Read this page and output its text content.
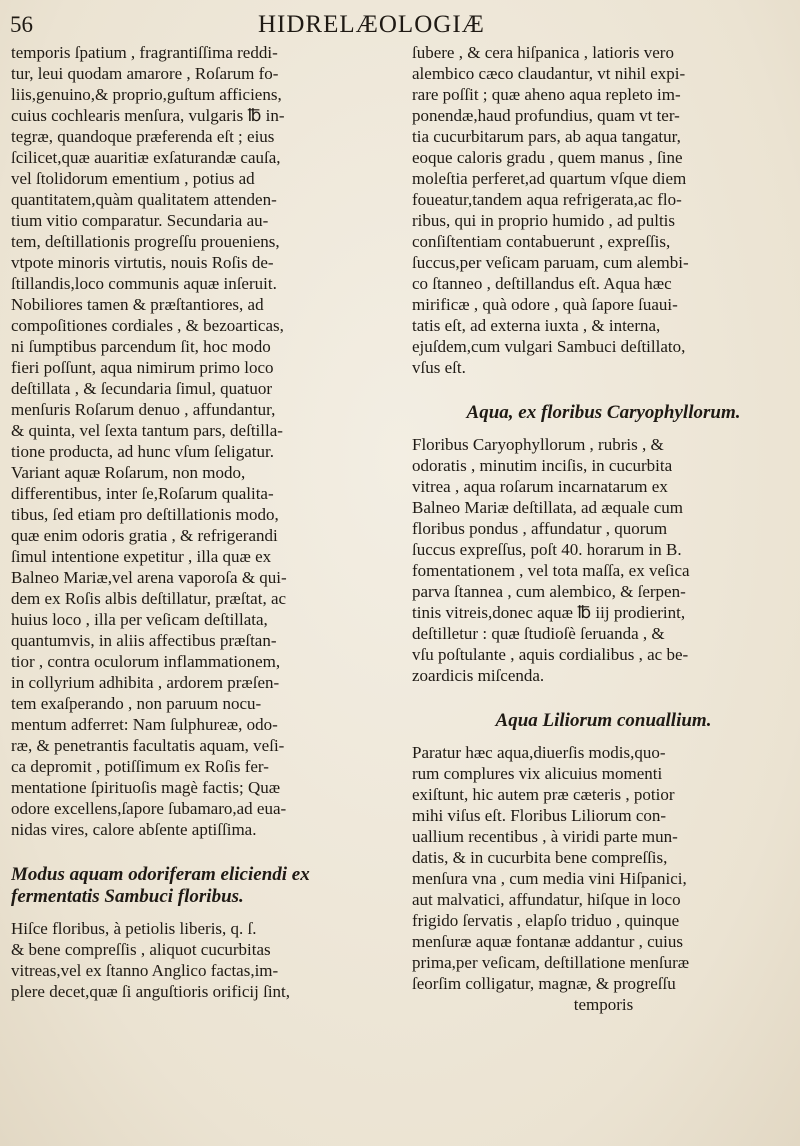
56	HIDRELÆOLOGIÆ
temporis ſpatium , fragrantiſſima reddi-
tur, leui quodam amarore , Roſarum fo-
liis,genuino,& proprio,guſtum afficiens,
cuius cochlearis menſura, vulgaris ℔ in-
tegræ, quandoque præferenda eſt ; eius
ſcilicet,quæ auaritiæ exſaturandæ cauſa,
vel ſtolidorum ementium , potius ad
quantitatem,quàm qualitatem attenden-
tium vitio comparatur. Secundaria au-
tem, deſtillationis progreſſu proueniens,
vtpote minoris virtutis, nouis Roſis de-
ſtillandis,loco communis aquæ inſeruit.
Nobiliores tamen & præſtantiores, ad
compoſitiones cordiales , & bezoarticas,
ni ſumptibus parcendum ſit, hoc modo
fieri poſſunt, aqua nimirum primo loco
deſtillata , & ſecundaria ſimul, quatuor
menſuris Roſarum denuo , affundantur,
& quinta, vel ſexta tantum pars, deſtilla-
tione producta, ad hunc vſum ſeligatur.
Variant aquæ Roſarum, non modo,
differentibus, inter ſe,Roſarum qualita-
tibus, ſed etiam pro deſtillationis modo,
quæ enim odoris gratia , & refrigerandi
ſimul intentione expetitur , illa quæ ex
Balneo Mariæ,vel arena vaporoſa & qui-
dem ex Roſis albis deſtillatur, præſtat, ac
huius loco , illa per veſicam deſtillata,
quantumvis, in aliis affectibus præſtan-
tior , contra oculorum inflammationem,
in collyrium adhibita , ardorem præſen-
tem exaſperando , non paruum nocu-
mentum adferret: Nam ſulphureæ, odo-
ræ, & penetrantis facultatis aquam, veſi-
ca depromit , potiſſimum ex Roſis fer-
mentatione ſpirituoſis magè factis; Quæ
odore excellens,ſapore ſubamaro,ad eua-
nidas vires, calore abſente aptiſſima.
Modus aquam odoriferam eliciendi ex
fermentatis Sambuci floribus.
Hiſce floribus, à petiolis liberis, q. ſ.
& bene compreſſis , aliquot cucurbitas
vitreas,vel ex ſtanno Anglico factas,im-
plere decet,quæ ſi anguſtioris orificij ſint,
ſubere , & cera hiſpanica , latioris vero
alembico cæco claudantur, vt nihil expi-
rare poſſit ; quæ aheno aqua repleto im-
ponendæ,haud profundius, quam vt ter-
tia cucurbitarum pars, ab aqua tangatur,
eoque caloris gradu , quem manus , ſine
moleſtia perferet,ad quartum vſque diem
foueatur,tandem aqua refrigerata,ac flo-
ribus, qui in proprio humido , ad pultis
conſiſtentiam contabuerunt , expreſſis,
ſuccus,per veſicam paruam, cum alembi-
co ſtanneo , deſtillandus eſt. Aqua hæc
mirificæ , quà odore , quà ſapore ſuaui-
tatis eſt, ad externa iuxta , & interna,
ejuſdem,cum vulgari Sambuci deſtillato,
vſus eſt.
Aqua, ex floribus Caryophyllorum.
Floribus Caryophyllorum , rubris , &
odoratis , minutim inciſis, in cucurbita
vitrea , aqua roſarum incarnatarum ex
Balneo Mariæ deſtillata, ad æquale cum
floribus pondus , affundatur , quorum
ſuccus expreſſus, poſt 40. horarum in B.
fomentationem , vel tota maſſa, ex veſica
parva ſtannea , cum alembico, & ſerpen-
tinis vitreis,donec aquæ ℔ iij prodierint,
deſtilletur : quæ ſtudioſè ſeruanda , &
vſu poſtulante , aquis cordialibus , ac be-
zoardicis miſcenda.
Aqua Liliorum conuallium.
Paratur hæc aqua,diuerſis modis,quo-
rum complures vix alicuius momenti
exiſtunt, hic autem præ cæteris , potior
mihi viſus eſt. Floribus Liliorum con-
uallium recentibus , à viridi parte mun-
datis, & in cucurbita bene compreſſis,
menſura vna , cum media vini Hiſpanici,
aut malvatici, affundatur, hiſque in loco
frigido ſervatis , elapſo triduo , quinque
menſuræ aquæ fontanæ addantur , cuius
prima,per veſicam, deſtillatione menſuræ
ſeorſim colligatur, magnæ, & progreſſu
temporis
